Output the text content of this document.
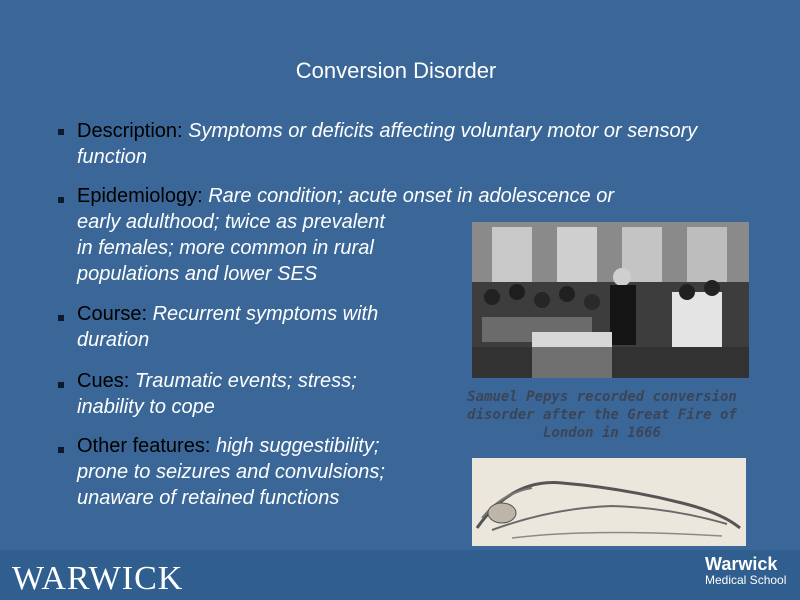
Conversion Disorder
Description: Symptoms or deficits affecting voluntary motor or sensory function
Epidemiology: Rare condition; acute onset in adolescence or
early adulthood; twice as prevalent
in females; more common in rural
populations and lower SES
Course: Recurrent symptoms with
duration
Cues: Traumatic events; stress;
inability to cope
Other features: high suggestibility;
prone to seizures and convulsions;
unaware of retained functions
Samuel Pepys recorded conversion disorder after the Great Fire of London in 1666
WARWICK	Warwick
Medical School
